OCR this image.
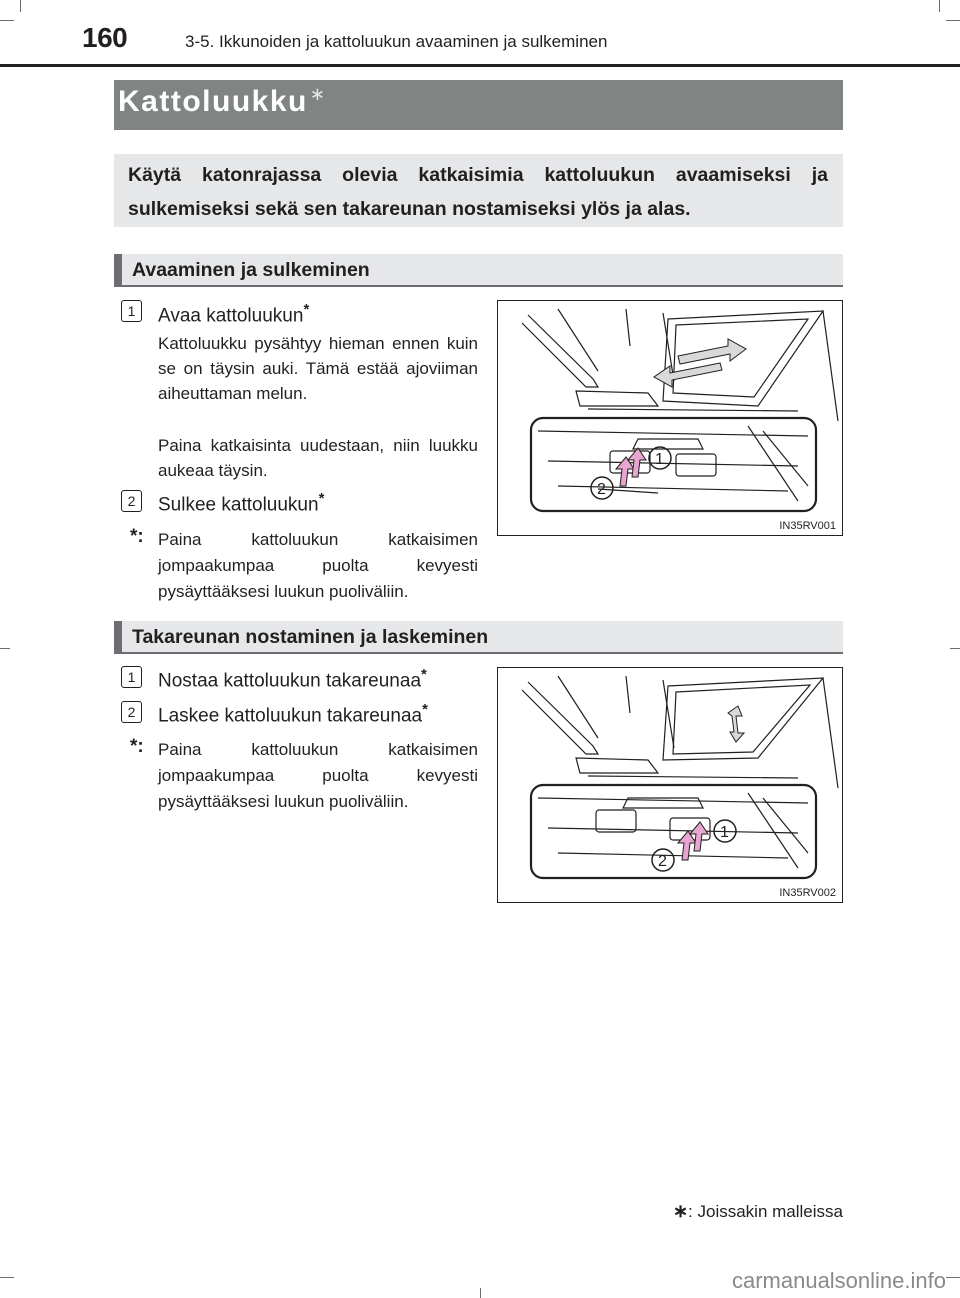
160	3-5. Ikkunoiden ja kattoluukun avaaminen ja sulkeminen
Kattoluukku ∗
Käytä katonrajassa olevia katkaisimia kattoluukun avaamiseksi ja sulkemiseksi sekä sen takareunan nostamiseksi ylös ja alas.
Avaaminen ja sulkeminen
1	Avaa kattoluukun*
Kattoluukku pysähtyy hieman ennen kuin se on täysin auki. Tämä estää ajoviiman aiheuttaman melun.
Paina katkaisinta uudestaan, niin luukku aukeaa täysin.
2	Sulkee kattoluukun*
*: Paina kattoluukun katkaisimen jompaakumpaa puolta kevyesti pysäyttääksesi luukun puoliväliin.
1
2
IN35RV001
Takareunan nostaminen ja laskeminen
1	Nostaa kattoluukun takareunaa*
2	Laskee kattoluukun takareunaa*
*: Paina kattoluukun katkaisimen jompaakumpaa puolta kevyesti pysäyttääksesi luukun puoliväliin.
1
2
IN35RV002
∗: Joissakin malleissa
carmanualsonline.info
